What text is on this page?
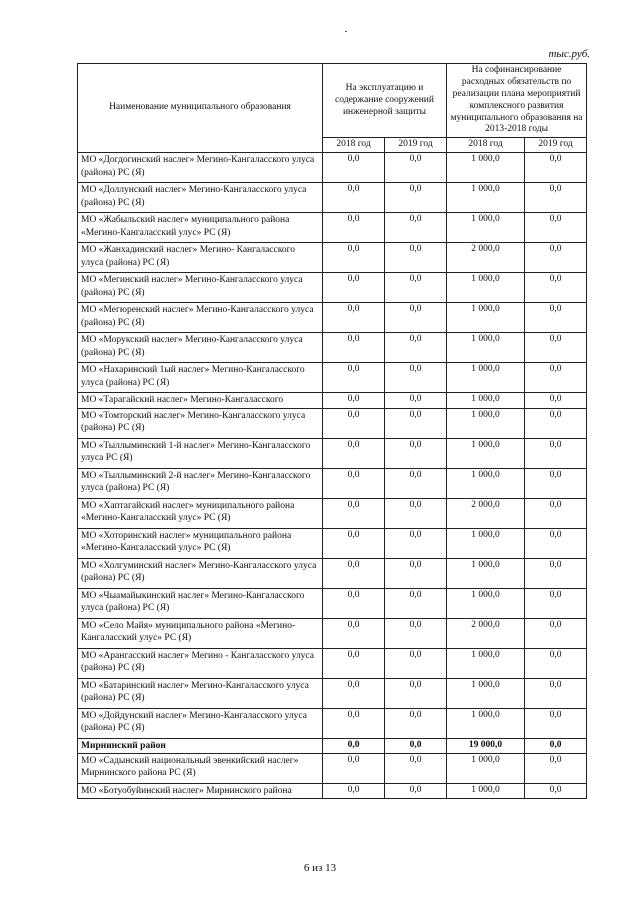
тыс.руб.
Наименование муниципального образования	На эксплуатацию и содержание сооружений инженерной защиты		На софинансирование расходных обязательств по реализации плана мероприятий комплексного развития муниципального образования на 2013-2018 годы	
	2018 год	2019 год	2018 год	2019 год
МО «Догдогинский наслег» Мегино-Кангаласского улуса (района) РС (Я)	0,0	0,0	1 000,0	0,0
МО «Доллунский наслег» Мегино-Кангаласского улуса (района) РС (Я)	0,0	0,0	1 000,0	0,0
МО «Жабыльский наслег» муниципального района «Мегино-Кангаласский улус» РС (Я)	0,0	0,0	1 000,0	0,0
МО «Жанхадинский наслег» Мегино- Кангаласского улуса (района) РС (Я)	0,0	0,0	2 000,0	0,0
МО «Мегинский наслег» Мегино-Кангаласского улуса (района) РС (Я)	0,0	0,0	1 000,0	0,0
МО «Мегюренский наслег» Мегино-Кангаласского улуса (района) РС (Я)	0,0	0,0	1 000,0	0,0
МО «Морукский наслег» Мегино-Кангаласского улуса (района) РС (Я)	0,0	0,0	1 000,0	0,0
МО «Нахаринский 1ый наслег» Мегино-Кангаласского улуса (района) РС (Я)	0,0	0,0	1 000,0	0,0
МО «Тарагайский наслег» Мегино-Кангаласского	0,0	0,0	1 000,0	0,0
МО «Томторский наслег» Мегино-Кангаласского улуса (района) РС (Я)	0,0	0,0	1 000,0	0,0
МО «Тыллыминский 1-й наслег» Мегино-Кангаласского улуса РС (Я)	0,0	0,0	1 000,0	0,0
МО «Тыллыминский 2-й наслег» Мегино-Кангаласского улуса (района) РС (Я)	0,0	0,0	1 000,0	0,0
МО «Хаптагайский наслег» муниципального района «Мегино-Кангаласский улус» РС (Я)	0,0	0,0	2 000,0	0,0
МО «Хоторинский наслег» муниципального района «Мегино-Кангаласский улус» РС (Я)	0,0	0,0	1 000,0	0,0
МО «Холгуминский наслег» Мегино-Кангаласского улуса (района) РС (Я)	0,0	0,0	1 000,0	0,0
МО «Чыамайыкинский наслег» Мегино-Кангаласского улуса (района) РС (Я)	0,0	0,0	1 000,0	0,0
МО «Село Майя» муниципального района «Мегино-Кангаласский улус» РС (Я)	0,0	0,0	2 000,0	0,0
МО «Арангасский наслег» Мегино - Кангаласского улуса (района) РС (Я)	0,0	0,0	1 000,0	0,0
МО «Батаринский наслег» Мегино-Кангаласского улуса (района) РС (Я)	0,0	0,0	1 000,0	0,0
МО «Дойдунский наслег» Мегино-Кангаласского улуса (района) РС (Я)	0,0	0,0	1 000,0	0,0
Мирнинский район	0,0	0,0	19 000,0	0,0
МО «Садынский национальный эвенкийский наслег» Мирнинского района РС (Я)	0,0	0,0	1 000,0	0,0
МО «Ботуобуйинский наслег» Мирнинского района	0,0	0,0	1 000,0	0,0
6 из 13
